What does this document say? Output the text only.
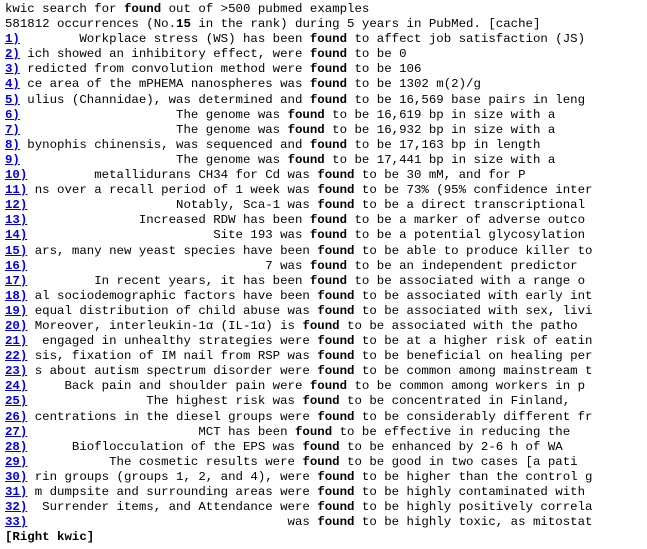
kwic search for found out of >500 pubmed examples
581812 occurrences (No.15 in the rank) during 5 years in PubMed. [cache]
1)        Workplace stress (WS) has been found to affect job satisfaction (JS)
2) ich showed an inhibitory effect, were found to be 0
3) redicted from convolution method were found to be 106
4) ce area of the mPHEMA nanospheres was found to be 1302 m(2)/g
5) ulius (Channidae), was determined and found to be 16,569 base pairs in leng
6)                     The genome was found to be 16,619 bp in size with a
7)                     The genome was found to be 16,932 bp in size with a
8) bynophis chinensis, was sequenced and found to be 17,163 bp in length
9)                     The genome was found to be 17,441 bp in size with a
10)         metallidurans CH34 for Cd was found to be 30 mM, and for P
11) ns over a recall period of 1 week was found to be 73% (95% confidence inter
12)                    Notably, Sca-1 was found to be a direct transcriptional
13)               Increased RDW has been found to be a marker of adverse outco
14)                         Site 193 was found to be a potential glycosylation
15) ars, many new yeast species have been found to be able to produce killer to
16)                                7 was found to be an independent predictor
17)         In recent years, it has been found to be associated with a range o
18) al sociodemographic factors have been found to be associated with early int
19) equal distribution of child abuse was found to be associated with sex, livi
20) Moreover, interleukin-1α (IL-1α) is found to be associated with the patho
21)  engaged in unhealthy strategies were found to be at a higher risk of eatin
22) sis, fixation of IM nail from RSP was found to be beneficial on healing per
23) s about autism spectrum disorder were found to be common among mainstream t
24)     Back pain and shoulder pain were found to be common among workers in p
25)                The highest risk was found to be concentrated in Finland,
26) centrations in the diesel groups were found to be considerably different fr
27)                       MCT has been found to be effective in reducing the
28)      Bioflocculation of the EPS was found to be enhanced by 2-6 h of WA
29)           The cosmetic results were found to be good in two cases [a pati
30) rin groups (groups 1, 2, and 4), were found to be higher than the control g
31) m dumpsite and surrounding areas were found to be highly contaminated with
32)  Surrender items, and Attendance were found to be highly positively correla
33)                                   was found to be highly toxic, as mitostat
[Right kwic]
